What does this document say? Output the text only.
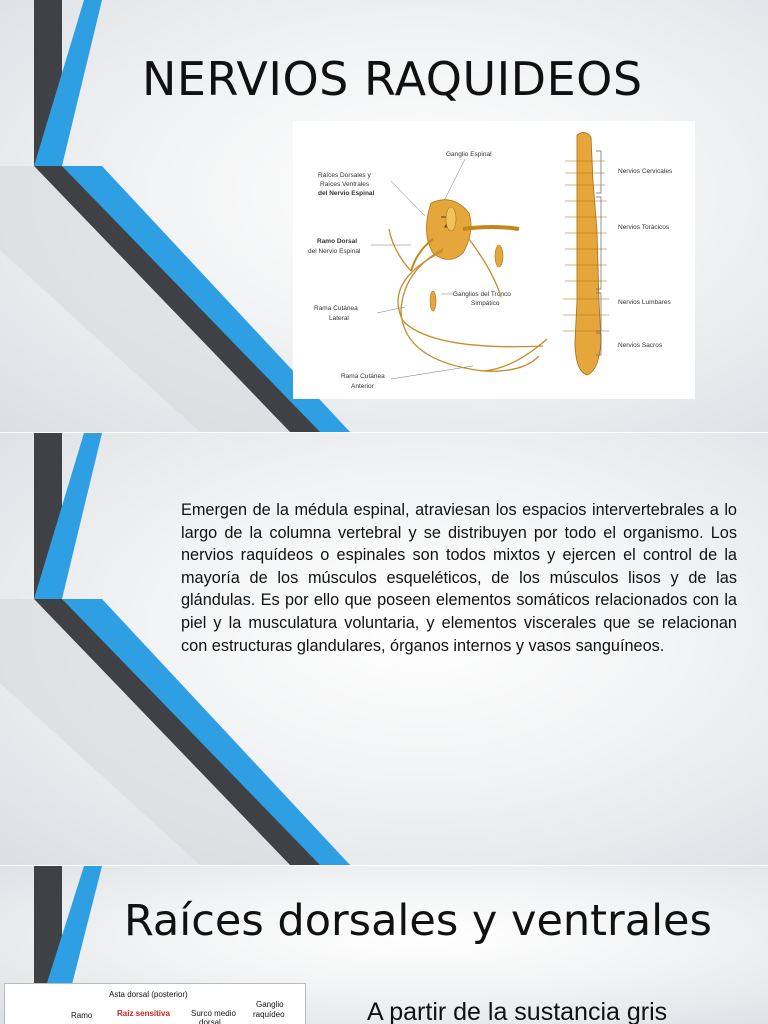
NERVIOS RAQUIDEOS
Raíces Dorsales y
Raíces Ventrales
del Nervio Espinal
Ramo Dorsal
del Nervio Espinal
Rama Cutánea
Lateral
Rama Cutánea
Anterior
Ganglio Espinal
Ganglios del Tronco
Simpático
Nervios Cervicales
Nervios Torácicos
Nervios Lumbares
Nervios Sacros

Emergen de la médula espinal, atraviesan los espacios intervertebrales a lo largo de la columna vertebral y se distribuyen por todo el organismo. Los nervios raquídeos o espinales son todos mixtos y ejercen el control de la mayoría de los músculos esqueléticos, de los músculos lisos y de las glándulas. Es por ello que poseen elementos somáticos relacionados con la piel y la musculatura voluntaria, y elementos viscerales que se relacionan con estructuras glandulares, órganos internos y vasos sanguíneos.

Raíces dorsales y ventrales
Asta dorsal (posterior)
Ramo	Raíz sensitiva	Surco medio
dorsal
Ganglio
raquídeo	A partir de la sustancia gris
